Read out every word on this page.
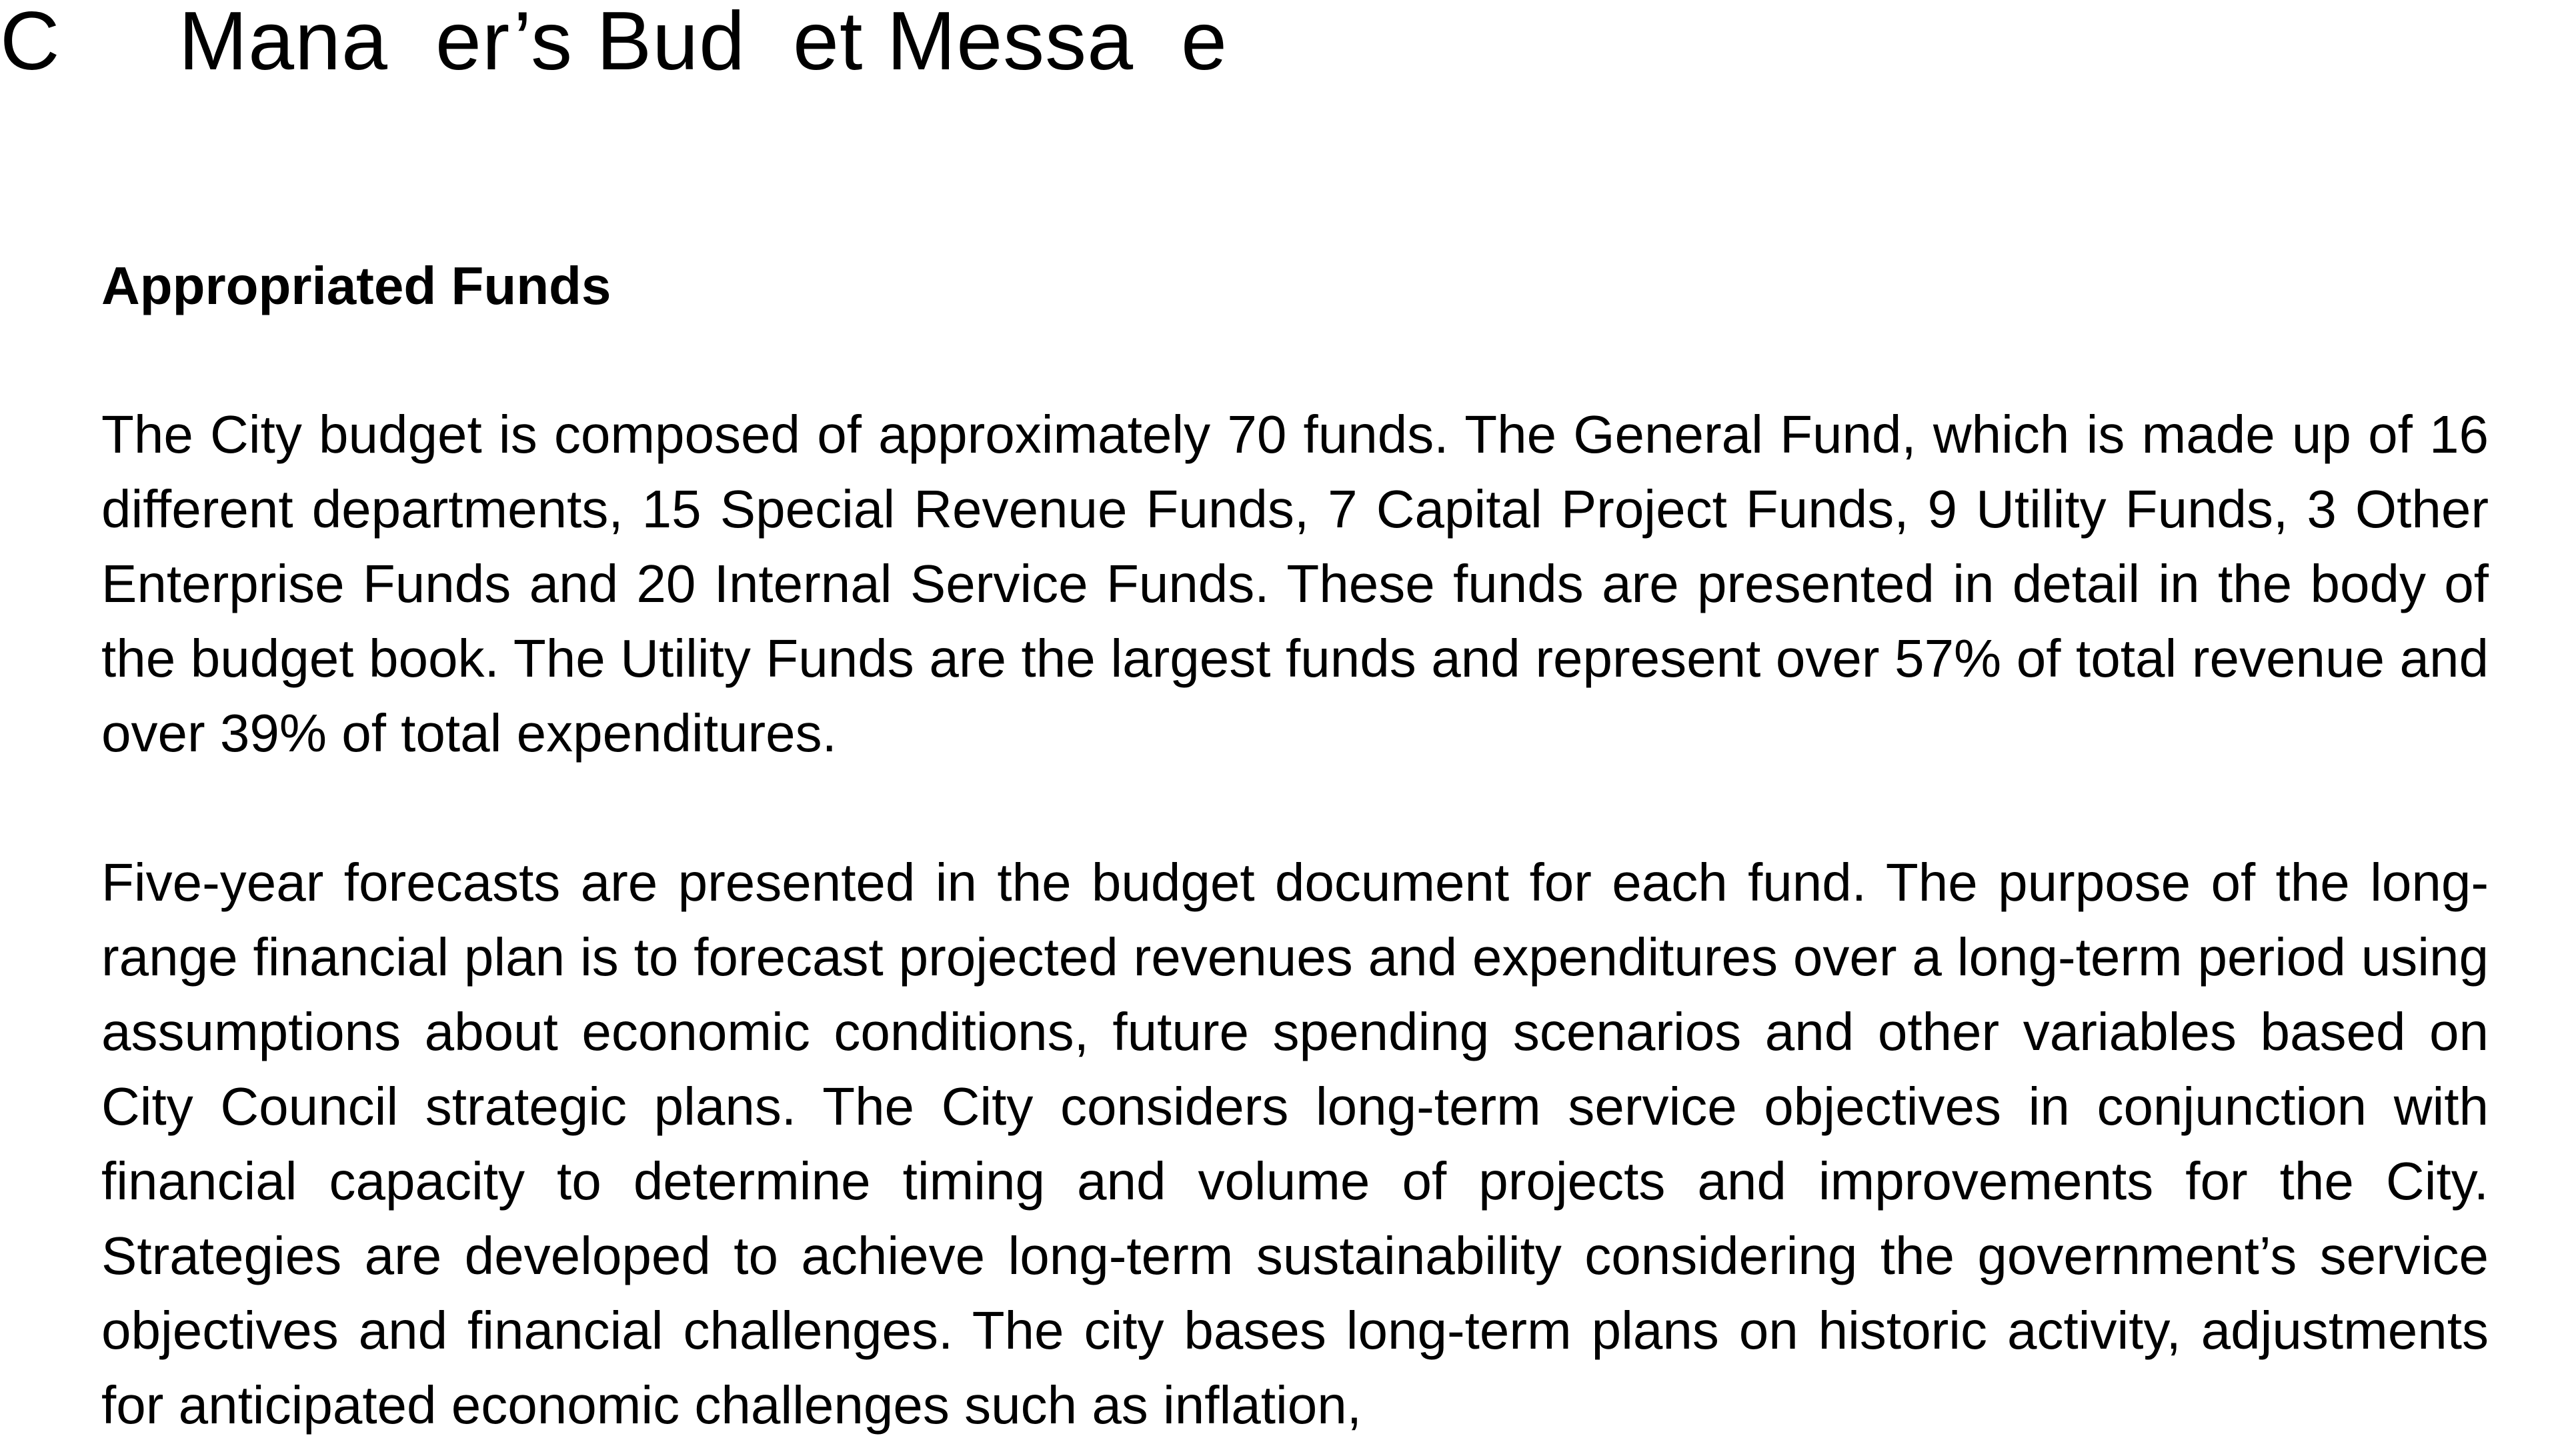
C     Mana  er’s Bud  et Messa  e
Appropriated Funds

The City budget is composed of approximately 70 funds. The General Fund, which is made up of 16 different departments, 15 Special Revenue Funds, 7 Capital Project Funds, 9 Utility Funds, 3 Other Enterprise Funds and 20 Internal Service Funds. These funds are presented in detail in the body of the budget book. The Utility Funds are the largest funds and represent over 57% of total revenue and over 39% of total expenditures.

Five-year forecasts are presented in the budget document for each fund. The purpose of the long-range financial plan is to forecast projected revenues and expenditures over a long-term period using assumptions about economic conditions, future spending scenarios and other variables based on City Council strategic plans. The City considers long-term service objectives in conjunction with financial capacity to determine timing and volume of projects and improvements for the City. Strategies are developed to achieve long-term sustainability considering the government’s service objectives and financial challenges. The city bases long-term plans on historic activity, adjustments for anticipated economic challenges such as inflation,
